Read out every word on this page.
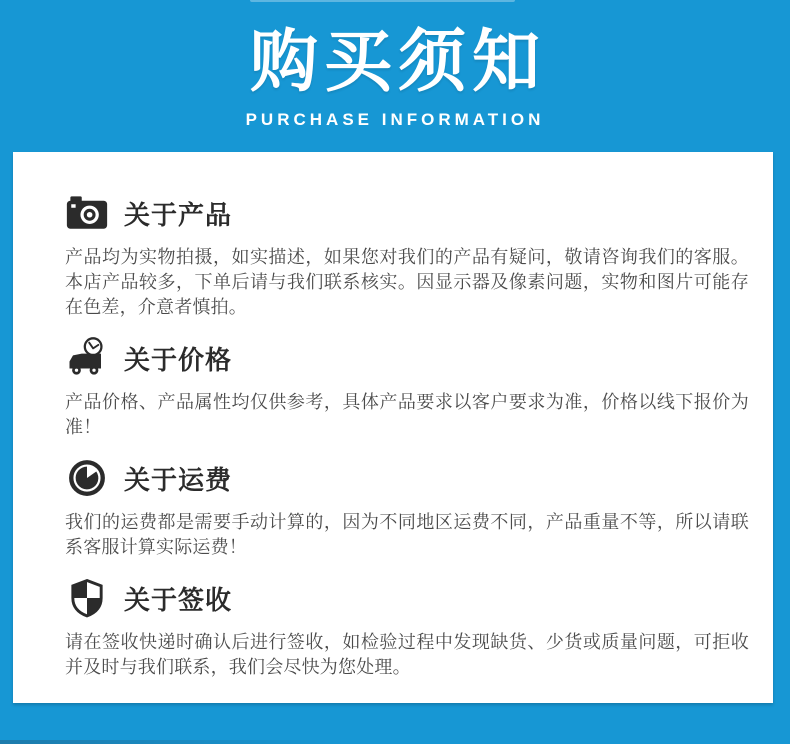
购买须知
PURCHASE INFORMATION
关于产品

产品均为实物拍摄，如实描述，如果您对我们的产品有疑问，敬请咨询我们的客服。本店产品较多，下单后请与我们联系核实。因显示器及像素问题，实物和图片可能存在色差，介意者慎拍。

关于价格

产品价格、产品属性均仅供参考，具体产品要求以客户要求为准，价格以线下报价为准！

关于运费

我们的运费都是需要手动计算的，因为不同地区运费不同，产品重量不等，所以请联系客服计算实际运费！

关于签收

请在签收快递时确认后进行签收，如检验过程中发现缺货、少货或质量问题，可拒收并及时与我们联系，我们会尽快为您处理。
